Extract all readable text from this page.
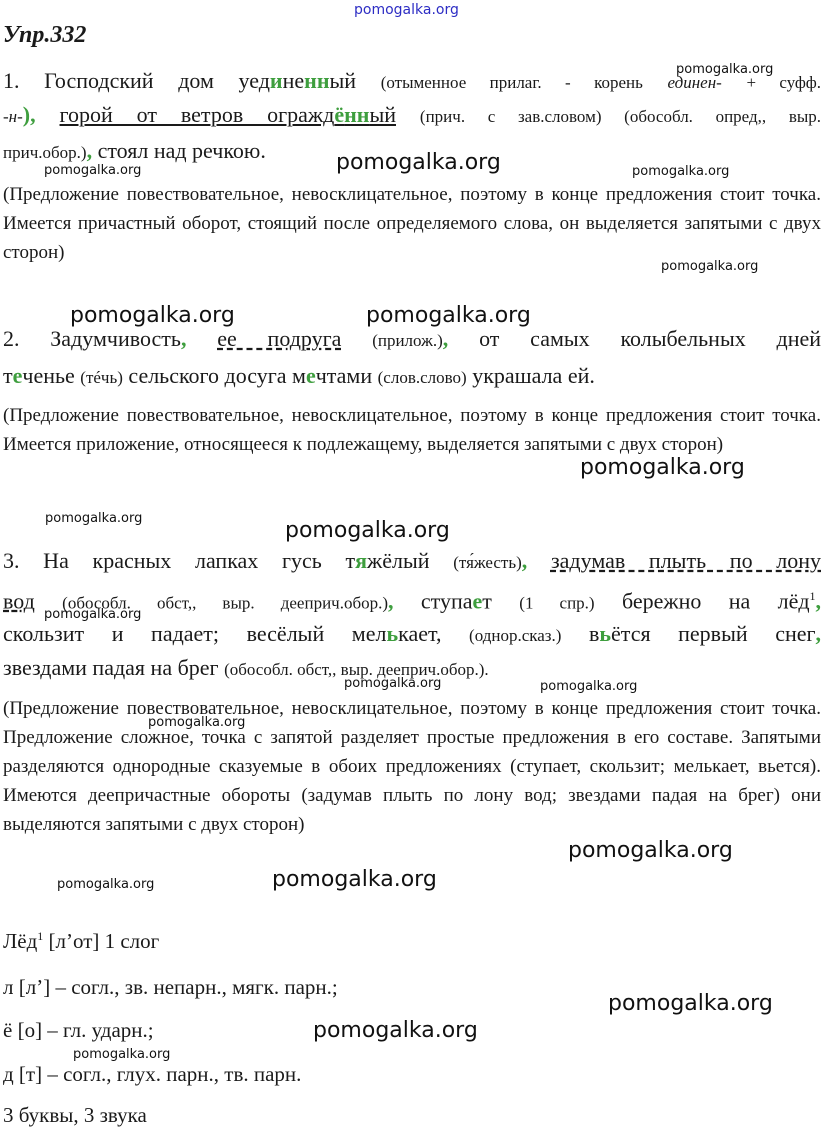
pomogalka.org
pomogalka.org
pomogalka.org
pomogalka.org	pomogalka.org
pomogalka.org
pomogalka.org	pomogalka.org
pomogalka.org
pomogalka.org	pomogalka.org
pomogalka.org
pomogalka.org	pomogalka.org
pomogalka.org
pomogalka.org
pomogalka.org
pomogalka.org
pomogalka.org
pomogalka.org
pomogalka.org
Упр.332
1. Господский дом уединенный (отыменное прилаг. - корень единен- + суфф.
-н-), горой от ветров ограждённый (прич. с зав.словом) (обособл. опред,, выр.
прич.обор.), стоял над речкою.
(Предложение повествовательное, невосклицательное, поэтому в конце предложения стоит точка. Имеется причастный оборот, стоящий после определяемого слова, он выделяется запятыми с двух сторон)
2. Задумчивость, ее подруга (прилож.), от самых колыбельных дней
теченье (тéчь) сельского досуга мечтами (слов.слово) украшала ей.
(Предложение повествовательное, невосклицательное, поэтому в конце предложения стоит точка. Имеется приложение, относящееся к подлежащему, выделяется запятыми с двух сторон)
3. На красных лапках гусь тяжёлый (тя́жесть), задумав плыть по лону
вод (обособл. обст,, выр. дееприч.обор.), ступает (1 спр.) бережно на лёд$^1$,
скользит и падает; весёлый мелькает, (однор.сказ.) вьётся первый снег,
звездами падая на брег (обособл. обст,, выр. дееприч.обор.).
(Предложение повествовательное, невосклицательное, поэтому в конце предложения стоит точка. Предложение сложное, точка с запятой разделяет простые предложения в его составе. Запятыми разделяются однородные сказуемые в обоих предложениях (ступает, скользит; мелькает, вьется). Имеются деепричастные обороты (задумав плыть по лону вод; звездами падая на брег) они выделяются запятыми с двух сторон)
Лёд$^1$ [л’от] 1 слог
л [л’] – согл., зв. непарн., мягк. парн.;
ё [о] – гл. ударн.;
д [т] – согл., глух. парн., тв. парн.
3 буквы, 3 звука
